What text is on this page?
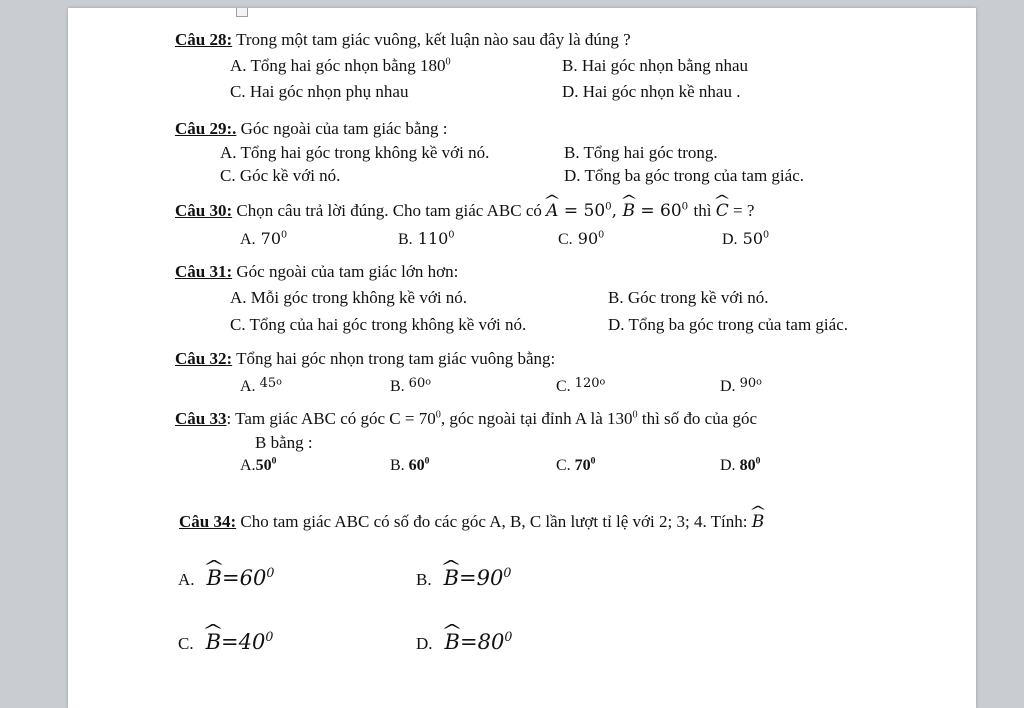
Câu 28: Trong một tam giác vuông, kết luận nào sau đây là đúng ?
A. Tổng hai góc nhọn bằng $180^0$	B. Hai góc nhọn bằng nhau
C. Hai góc nhọn phụ nhau	D. Hai góc nhọn kề nhau .
Câu 29:. Góc ngoài của tam giác bằng :
A. Tổng hai góc trong không kề với nó.	B. Tổng hai góc trong.
C. Góc kề với nó.	D. Tổng ba góc trong của tam giác.
Câu 30: Chọn câu trả lời đúng. Cho tam giác ABC có ^ $A = 50^0$, ^ $B = 60^0$ thì ^ C = ?
A. $70^0$	B. $110^0$	C. $90^0$	D. $50^0$
Câu 31: Góc ngoài của tam giác lớn hơn:
A. Mỗi góc trong không kề với nó.	B. Góc trong kề với nó.
C. Tổng của hai góc trong không kề với nó.	D. Tổng ba góc trong của tam giác.
Câu 32: Tổng hai góc nhọn trong tam giác vuông bằng:
A. $^{45o}$	B. $^{60o}$	C. $^{120o}$	D. $^{90o}$
Câu 33: Tam giác ABC có góc $C = 70^0$, góc ngoài tại đỉnh A là $130^0$ thì số đo của góc
B bằng :
$A.50^0$	B. $60^0$	C. $70^0$	D. $80^0$
Câu 34: Cho tam giác ABC có số đo các góc A, B, C lần lượt tỉ lệ với 2; 3; 4. Tính: ^ B
A. ^ $B=60^0$	B. ^ $B=90^0$
C. ^ $B=40^0$	D. ^ $B=80^0$
